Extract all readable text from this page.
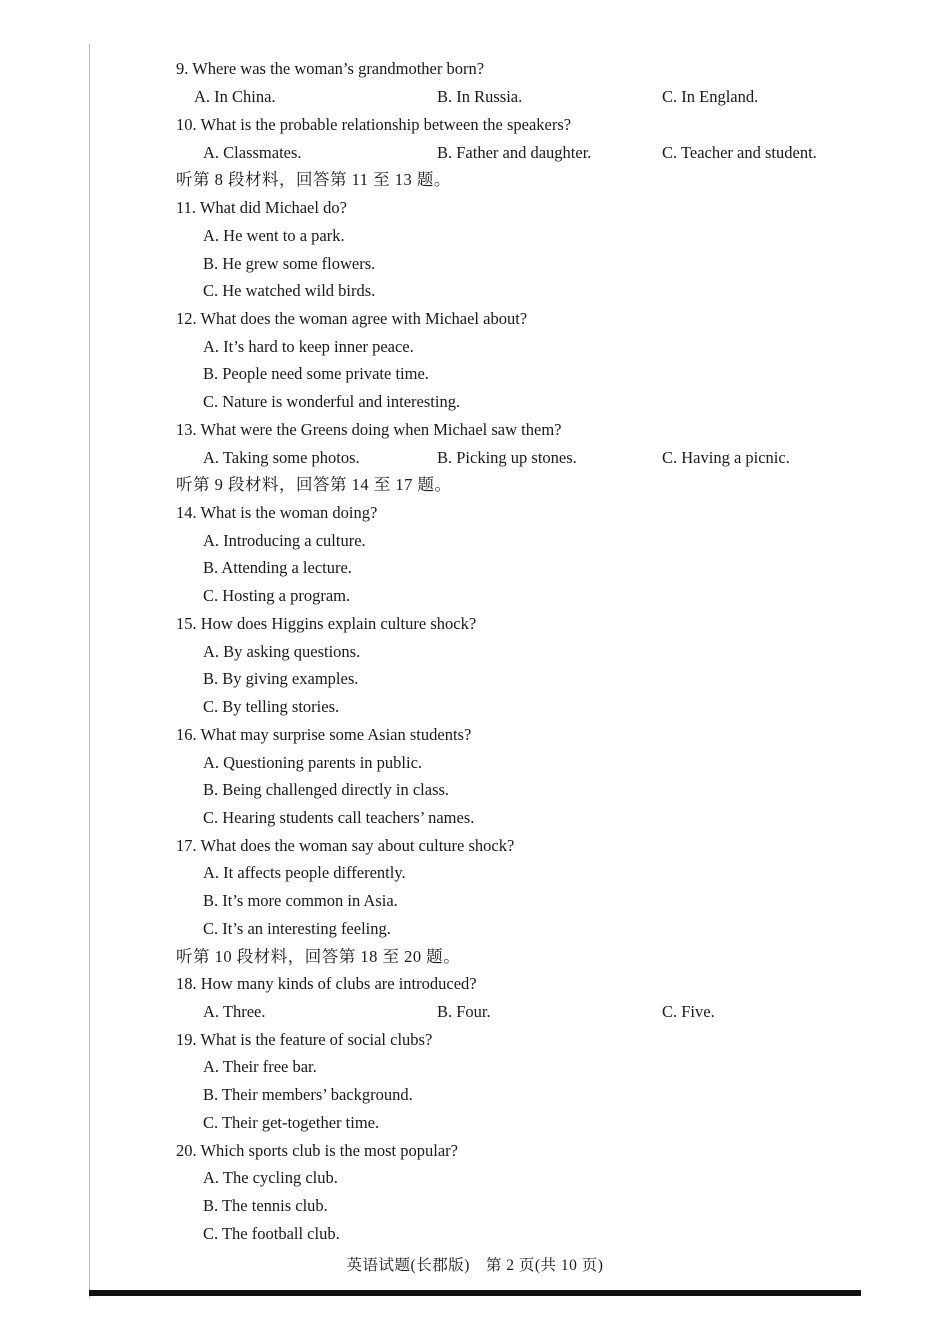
9. Where was the woman’s grandmother born?
A. In China.	B. In Russia.	C. In England.
10. What is the probable relationship between the speakers?
A. Classmates.	B. Father and daughter.	C. Teacher and student.
听第 8 段材料，回答第 11 至 13 题。
11. What did Michael do?
A. He went to a park.
B. He grew some flowers.
C. He watched wild birds.
12. What does the woman agree with Michael about?
A. It’s hard to keep inner peace.
B. People need some private time.
C. Nature is wonderful and interesting.
13. What were the Greens doing when Michael saw them?
A. Taking some photos.	B. Picking up stones.	C. Having a picnic.
听第 9 段材料，回答第 14 至 17 题。
14. What is the woman doing?
A. Introducing a culture.
B. Attending a lecture.
C. Hosting a program.
15. How does Higgins explain culture shock?
A. By asking questions.
B. By giving examples.
C. By telling stories.
16. What may surprise some Asian students?
A. Questioning parents in public.
B. Being challenged directly in class.
C. Hearing students call teachers’ names.
17. What does the woman say about culture shock?
A. It affects people differently.
B. It’s more common in Asia.
C. It’s an interesting feeling.
听第 10 段材料，回答第 18 至 20 题。
18. How many kinds of clubs are introduced?
A. Three.	B. Four.	C. Five.
19. What is the feature of social clubs?
A. Their free bar.
B. Their members’ background.
C. Their get-together time.
20. Which sports club is the most popular?
A. The cycling club.
B. The tennis club.
C. The football club.
英语试题(长郡版)　第 2 页(共 10 页)
